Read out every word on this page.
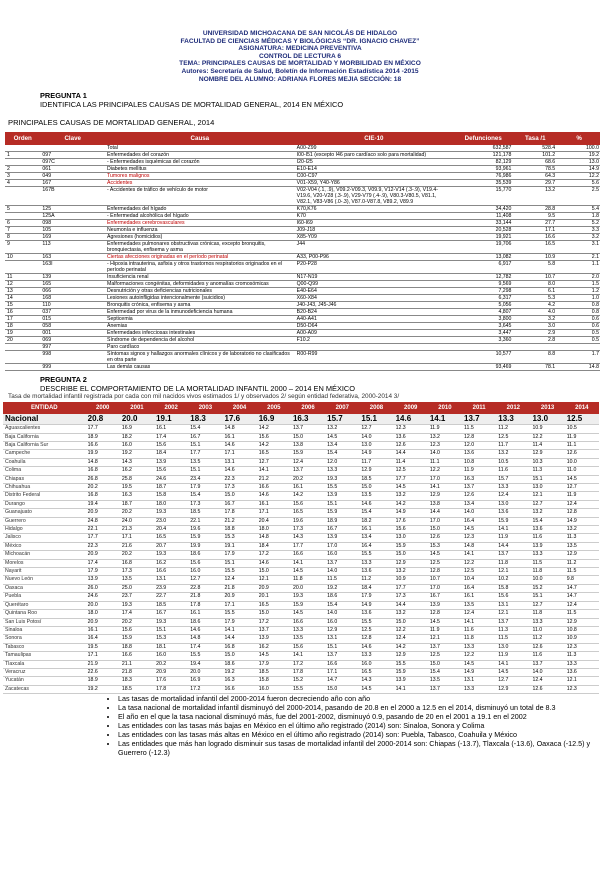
UNIVERSIDAD MICHOACANA DE SAN NICOLÁS DE HIDALGO
FACULTAD DE CIENCIAS MÉDICAS Y BIOLÓGICAS “DR. IGNACIO CHAVEZ”
ASIGNATURA: MEDICINA PREVENTIVA
CONTROL DE LECTURA 6
TEMA: PRINCIPALES CAUSAS DE MORTALIDAD Y MORBILIDAD EN MÉXICO
Autores: Secretaría de Salud, Boletín de Información Estadística 2014 -2015
NOMBRE DEL ALUMNO: ADRIANA FLORES MEJIA SECCIÓN: 18
PREGUNTA 1
IDENTIFICA LAS PRINCIPALES CAUSAS DE MORTALIDAD GENERAL, 2014 EN MÉXICO
PRINCIPALES CAUSAS DE MORTALIDAD GENERAL, 2014
Orden	Clave	Causa	CIE-10	Defunciones	Tasa /1	%
		Total	A00-Z99	632,587	528.4	100.0
1	097	Enfermedades del corazón	I00-I51 (excepto I46 paro cardíaco solo para mortalidad)	121,178	101.2	19.2
	097C	- Enfermedades isquémicas del corazón	I20-I25	82,129	68.6	13.0
2	061	Diabetes mellitus	E10-E14	93,961	78.5	14.9
3	049	Tumores malignos	C00-C97	76,986	64.3	12.2
4	167	Accidentes	V01-X59, Y40-Y86	35,539	29.7	5.6
	167B	- Accidentes de tráfico de vehículo de motor	V02-V04 (.1, .9), V09.2-V09.3, V09.9, V12-V14 (.3-.9), V19.4-V19.6, V20-V28 (.3-.9), V29-V79 (.4-.9), V80.3-V80.5, V81.1, V82.1, V83-V86 (.0-.3), V87.0-V87.8, V89.2, V89.9	15,770	13.2	2.5
5	125	Enfermedades del hígado	K70,K76	34,420	28.8	5.4
	125A	- Enfermedad alcohólica del hígado	K70	11,408	9.5	1.8
6	098	Enfermedades cerebrovasculares	I60-I69	33,144	27.7	5.2
7	105	Neumonía e influenza	J09-J18	20,528	17.1	3.3
8	169	Agresiones (homicidios)	X85-Y09	19,921	16.6	3.2
9	113	Enfermedades pulmonares obstructivas crónicas, excepto bronquitis, bronquiectasia, enfisema y asma	J44	19,706	16.5	3.1
10	163	Ciertas afecciones originadas en el período perinatal	A33, P00-P96	13,082	10.9	2.1
	163I	- Hipoxia intrauterina, asfixia y otros trastornos respiratorios originados en el período perinatal	P20-P28	6,917	5.8	1.1
11	139	Insuficiencia renal	N17-N19	12,782	10.7	2.0
12	165	Malformaciones congénitas, deformidades y anomalías cromosómicas	Q00-Q99	9,569	8.0	1.5
13	066	Desnutrición y otras deficiencias nutricionales	E40-E64	7,298	6.1	1.2
14	168	Lesiones autoinfligidas intencionalmente (suicidios)	X60-X84	6,317	5.3	1.0
15	110	Bronquitis crónica, enfisema y asma	J40-J43, J45-J46	5,056	4.2	0.8
16	037	Enfermedad por virus de la inmunodeficiencia humana	B20-B24	4,807	4.0	0.8
17	015	Septicemia	A40-A41	3,800	3.2	0.6
18	058	Anemias	D50-D64	3,645	3.0	0.6
19	001	Enfermedades infecciosas intestinales	A00-A09	3,447	2.9	0.5
20	069	Síndrome de dependencia del alcohol	F10.2	3,360	2.8	0.5
	997	Paro cardíaco				
	998	Síntomas signos y hallazgos anormales clínicos y de laboratorio no clasificados en otra parte	R00-R99	10,577	8.8	1.7
	999	Las demás causas		93,469	78.1	14.8
PREGUNTA 2
DESCRIBE EL COMPORTAMIENTO DE LA MORTALIDAD INFANTIL 2000 – 2014 EN MÉXICO
Tasa de mortalidad infantil registrada por cada con mil nacidos vivos estimados 1/ y observados 2/ según entidad federativa, 2000-2014 3/
ENTIDAD	2000	2001	2002	2003	2004	2005	2006	2007	2008	2009	2010	2011	2012	2013	2014
Nacional	20.8	20.0	19.1	18.3	17.6	16.9	16.3	15.7	15.1	14.6	14.1	13.7	13.3	13.0	12.5
Aguascalientes	17.7	16.9	16.1	15.4	14.8	14.2	13.7	13.2	12.7	12.3	11.9	11.5	11.2	10.9	10.5
Baja California	18.9	18.2	17.4	16.7	16.1	15.6	15.0	14.5	14.0	13.6	13.2	12.8	12.5	12.2	11.9
Baja California Sur	16.6	16.0	15.6	15.1	14.6	14.2	13.8	13.4	13.0	12.6	12.3	12.0	11.7	11.4	11.1
Campeche	19.9	19.2	18.4	17.7	17.1	16.5	15.9	15.4	14.9	14.4	14.0	13.6	13.2	12.9	12.6
Coahuila	14.8	14.3	13.9	13.5	13.1	12.7	12.4	12.0	11.7	11.4	11.1	10.8	10.5	10.3	10.0
Colima	16.8	16.2	15.6	15.1	14.6	14.1	13.7	13.3	12.9	12.5	12.2	11.9	11.6	11.3	11.0
Chiapas	26.8	25.8	24.6	23.4	22.3	21.2	20.2	19.3	18.5	17.7	17.0	16.3	15.7	15.1	14.5
Chihuahua	20.2	19.5	18.7	17.9	17.3	16.6	16.1	15.5	15.0	14.5	14.1	13.7	13.3	13.0	12.7
Distrito Federal	16.8	16.3	15.8	15.4	15.0	14.6	14.2	13.9	13.5	13.2	12.9	12.6	12.4	12.1	11.9
Durango	19.4	18.7	18.0	17.3	16.7	16.1	15.6	15.1	14.6	14.2	13.8	13.4	13.0	12.7	12.4
Guanajuato	20.9	20.2	19.3	18.5	17.8	17.1	16.5	15.9	15.4	14.9	14.4	14.0	13.6	13.2	12.8
Guerrero	24.8	24.0	23.0	22.1	21.2	20.4	19.6	18.9	18.2	17.6	17.0	16.4	15.9	15.4	14.9
Hidalgo	22.1	21.3	20.4	19.6	18.8	18.0	17.3	16.7	16.1	15.6	15.0	14.5	14.1	13.6	13.2
Jalisco	17.7	17.1	16.5	15.9	15.3	14.8	14.3	13.9	13.4	13.0	12.6	12.3	11.9	11.6	11.3
México	22.3	21.6	20.7	19.9	19.1	18.4	17.7	17.0	16.4	15.9	15.3	14.8	14.4	13.9	13.5
Michoacán	20.9	20.2	19.3	18.6	17.9	17.2	16.6	16.0	15.5	15.0	14.5	14.1	13.7	13.3	12.9
Morelos	17.4	16.8	16.2	15.6	15.1	14.6	14.1	13.7	13.3	12.9	12.5	12.2	11.8	11.5	11.2
Nayarit	17.9	17.3	16.6	16.0	15.5	15.0	14.5	14.0	13.6	13.2	12.8	12.5	12.1	11.8	11.5
Nuevo León	13.9	13.5	13.1	12.7	12.4	12.1	11.8	11.5	11.2	10.9	10.7	10.4	10.2	10.0	9.8
Oaxaca	26.0	25.0	23.9	22.8	21.8	20.9	20.0	19.2	18.4	17.7	17.0	16.4	15.8	15.2	14.7
Puebla	24.6	23.7	22.7	21.8	20.9	20.1	19.3	18.6	17.9	17.3	16.7	16.1	15.6	15.1	14.7
Querétaro	20.0	19.3	18.5	17.8	17.1	16.5	15.9	15.4	14.9	14.4	13.9	13.5	13.1	12.7	12.4
Quintana Roo	18.0	17.4	16.7	16.1	15.5	15.0	14.5	14.0	13.6	13.2	12.8	12.4	12.1	11.8	11.5
San Luis Potosí	20.9	20.2	19.3	18.6	17.9	17.2	16.6	16.0	15.5	15.0	14.5	14.1	13.7	13.3	12.9
Sinaloa	16.1	15.6	15.1	14.6	14.1	13.7	13.3	12.9	12.5	12.2	11.9	11.6	11.3	11.0	10.8
Sonora	16.4	15.9	15.3	14.8	14.4	13.9	13.5	13.1	12.8	12.4	12.1	11.8	11.5	11.2	10.9
Tabasco	19.5	18.8	18.1	17.4	16.8	16.2	15.6	15.1	14.6	14.2	13.7	13.3	13.0	12.6	12.3
Tamaulipas	17.1	16.6	16.0	15.5	15.0	14.5	14.1	13.7	13.3	12.9	12.5	12.2	11.9	11.6	11.3
Tlaxcala	21.9	21.1	20.2	19.4	18.6	17.9	17.2	16.6	16.0	15.5	15.0	14.5	14.1	13.7	13.3
Veracruz	22.6	21.8	20.9	20.0	19.2	18.5	17.8	17.1	16.5	15.9	15.4	14.9	14.5	14.0	13.6
Yucatán	18.9	18.3	17.6	16.9	16.3	15.8	15.2	14.7	14.3	13.9	13.5	13.1	12.7	12.4	12.1
Zacatecas	19.2	18.5	17.8	17.2	16.6	16.0	15.5	15.0	14.5	14.1	13.7	13.3	12.9	12.6	12.3
• Las tasas de mortalidad infantil del 2000-2014 fueron decreciendo año con año
• La tasa nacional de mortalidad infantil disminuyó del 2000-2014, pasando de 20.8 en el 2000 a 12.5 en el 2014, disminuyó un total de 8.3
• El año en el que la tasa nacional disminuyó más, fue del 2001-2002, disminuyó 0.9, pasando de 20 en el 2001 a 19.1 en el 2002
• Las entidades con las tasas más bajas en México en el último año registrado (2014) son: Sinaloa, Sonora y Colima
• Las entidades con las tasas más altas en México en el último año registrado (2014) son: Puebla, Tabasco, Coahuila y México
• Las entidades que más han logrado disminuir sus tasas de mortalidad infantil del 2000-2014 son: Chiapas (-13.7), Tlaxcala (-13.6), Oaxaca (-12.5) y Guerrero (-12.3)
